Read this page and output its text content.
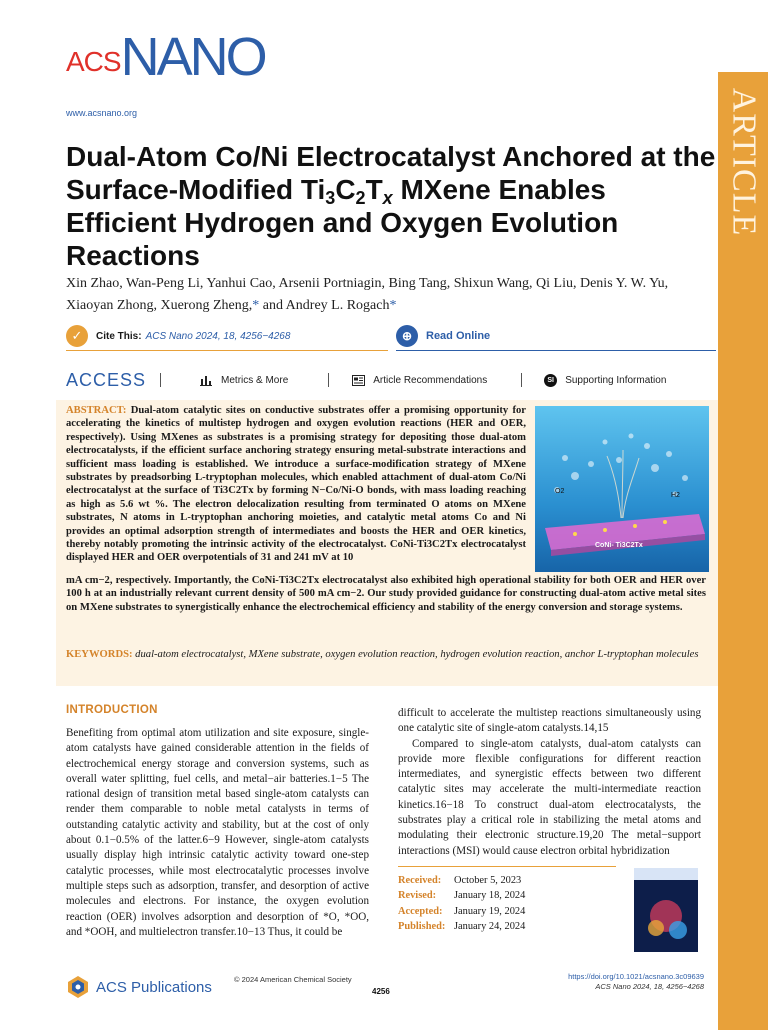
ACS NANO
www.acsnano.org	ARTICLE
Dual-Atom Co/Ni Electrocatalyst Anchored at the Surface-Modified $Ti_3C_2T_x$ MXene Enables Efficient Hydrogen and Oxygen Evolution Reactions
Xin Zhao, Wan-Peng Li, Yanhui Cao, Arsenii Portniagin, Bing Tang, Shixun Wang, Qi Liu, Denis Y. W. Yu, Xiaoyan Zhong, Xuerong Zheng,* and Andrey L. Rogach*
✓	Cite This: ACS Nano 2024, 18, 4256−4268	⊕	Read Online
ACCESS	Metrics & More	Article Recommendations	SI	Supporting Information
ABSTRACT: Dual-atom catalytic sites on conductive substrates offer a promising opportunity for accelerating the kinetics of multistep hydrogen and oxygen evolution reactions (HER and OER, respectively). Using MXenes as substrates is a promising strategy for depositing those dual-atom electrocatalysts, if the efficient surface anchoring strategy ensuring metal-substrate interactions and sufficient mass loading is established. We introduce a surface-modification strategy of MXene substrates by preadsorbing L-tryptophan molecules, which enabled attachment of dual-atom Co/Ni electrocatalyst at the surface of Ti3C2Tx by forming N−Co/Ni-O bonds, with mass loading reaching as high as 5.6 wt %. The electron delocalization resulting from terminated O atoms on MXene substrates, N atoms in L-tryptophan anchoring moieties, and catalytic metal atoms Co and Ni provides an optimal adsorption strength of intermediates and boosts the HER and OER kinetics, thereby notably promoting the intrinsic activity of the electrocatalyst. CoNi-Ti3C2Tx electrocatalyst displayed HER and OER overpotentials of 31 and 241 mV at 10
mA cm−2, respectively. Importantly, the CoNi-Ti3C2Tx electrocatalyst also exhibited high operational stability for both OER and HER over 100 h at an industrially relevant current density of 500 mA cm−2. Our study provided guidance for constructing dual-atom active metal sites on MXene substrates to synergistically enhance the electrochemical efficiency and stability of the energy conversion and storage systems.
KEYWORDS: dual-atom electrocatalyst, MXene substrate, oxygen evolution reaction, hydrogen evolution reaction, anchor L-tryptophan molecules
O2
H2
CoNi- Ti3C2Tx
INTRODUCTION

Benefiting from optimal atom utilization and site exposure, single-atom catalysts have gained considerable attention in the fields of electrochemical energy storage and conversion systems, such as overall water splitting, fuel cells, and metal−air batteries.1−5 The rational design of transition metal based single-atom catalysts can render them comparable to noble metal catalysts in terms of outstanding catalytic activity and stability, but at the cost of only about 0.1−0.5% of the latter.6−9 However, single-atom catalysts usually display high intrinsic catalytic activity toward one-step catalytic processes, while most electrocatalytic processes involve multiple steps such as adsorption, transfer, and desorption of active molecules and electrons. For instance, the oxygen evolution reaction (OER) involves adsorption and desorption of *O, *OO, and *OOH, and multielectron transfer.10−13 Thus, it could be

difficult to accelerate the multistep reactions simultaneously using one catalytic site of single-atom catalysts.14,15

Compared to single-atom catalysts, dual-atom catalysts can provide more flexible configurations for different reaction intermediates, and synergistic effects between two different catalytic sites may accelerate the multi-intermediate reaction kinetics.16−18 To construct dual-atom electrocatalysts, the substrates play a critical role in stabilizing the metal atoms and modulating their electronic structure.19,20 The metal−support interactions (MSI) would cause electron orbital hybridization

Received:	October 5, 2023
Revised:	January 18, 2024
Accepted:	January 19, 2024
Published: January 24, 2024
ACS Publications	© 2024 American Chemical Society
4256
https://doi.org/10.1021/acsnano.3c09639
ACS Nano 2024, 18, 4256−4268
